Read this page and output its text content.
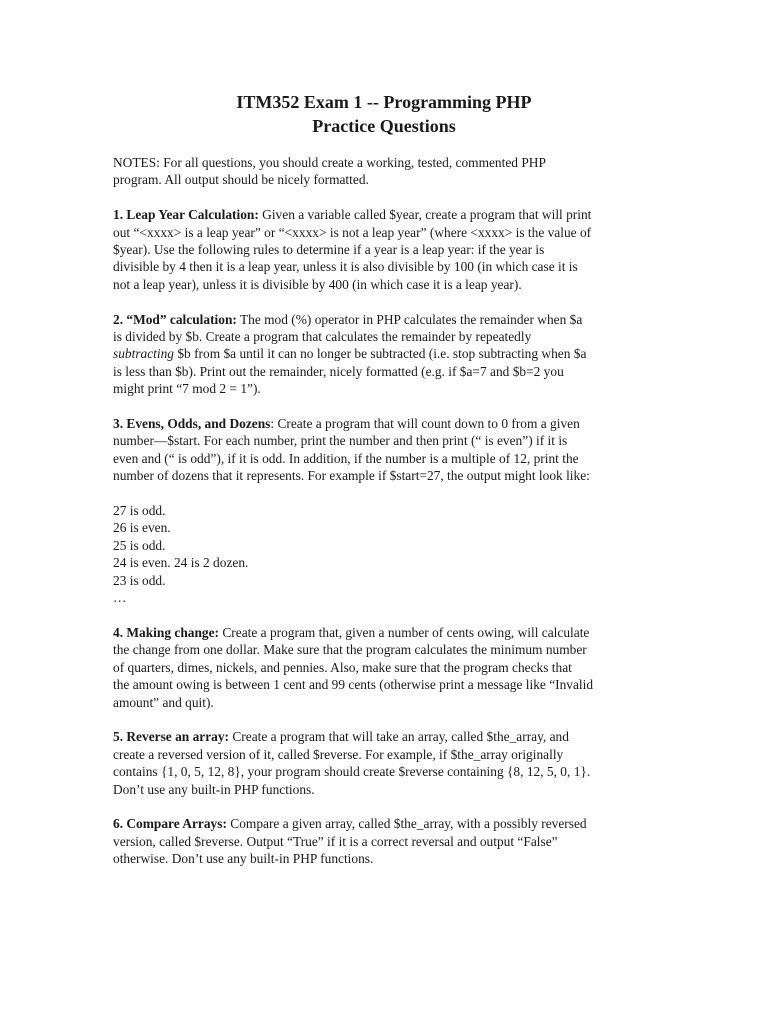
ITM352 Exam 1 -- Programming PHP
Practice Questions
NOTES: For all questions, you should create a working, tested, commented PHP
program. All output should be nicely formatted.
1. Leap Year Calculation: Given a variable called $year, create a program that will print
out “<xxxx> is a leap year” or “<xxxx> is not a leap year” (where <xxxx> is the value of
$year). Use the following rules to determine if a year is a leap year: if the year is
divisible by 4 then it is a leap year, unless it is also divisible by 100 (in which case it is
not a leap year), unless it is divisible by 400 (in which case it is a leap year).
2. “Mod” calculation: The mod (%) operator in PHP calculates the remainder when $a
is divided by $b. Create a program that calculates the remainder by repeatedly
subtracting $b from $a until it can no longer be subtracted (i.e. stop subtracting when $a
is less than $b). Print out the remainder, nicely formatted (e.g. if $a=7 and $b=2 you
might print “7 mod 2 = 1”).
3. Evens, Odds, and Dozens: Create a program that will count down to 0 from a given
number—$start. For each number, print the number and then print (“ is even”) if it is
even and (“ is odd”), if it is odd. In addition, if the number is a multiple of 12, print the
number of dozens that it represents. For example if $start=27, the output might look like:
27 is odd.
26 is even.
25 is odd.
24 is even. 24 is 2 dozen.
23 is odd.
…
4. Making change: Create a program that, given a number of cents owing, will calculate
the change from one dollar. Make sure that the program calculates the minimum number
of quarters, dimes, nickels, and pennies. Also, make sure that the program checks that
the amount owing is between 1 cent and 99 cents (otherwise print a message like “Invalid
amount” and quit).
5. Reverse an array: Create a program that will take an array, called $the_array, and
create a reversed version of it, called $reverse. For example, if $the_array originally
contains {1, 0, 5, 12, 8}, your program should create $reverse containing {8, 12, 5, 0, 1}.
Don’t use any built-in PHP functions.
6. Compare Arrays: Compare a given array, called $the_array, with a possibly reversed
version, called $reverse. Output “True” if it is a correct reversal and output “False”
otherwise. Don’t use any built-in PHP functions.
